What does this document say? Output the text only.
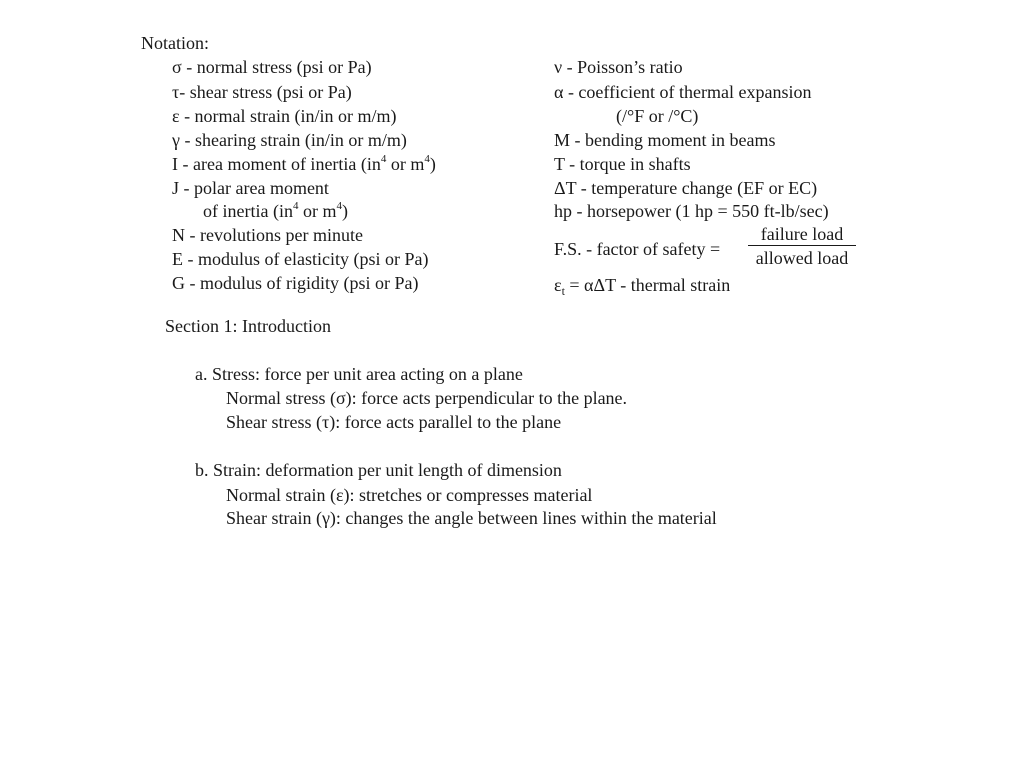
Notation:
σ - normal stress (psi or Pa)
τ- shear stress (psi or Pa)
ε - normal strain (in/in or m/m)
γ - shearing strain (in/in or m/m)
I - area moment of inertia ($in^4$ or $m^4$)
J - polar area moment
of inertia ($in^4$ or $m^4$)
N - revolutions per minute
E - modulus of elasticity (psi or Pa)
G - modulus of rigidity (psi or Pa)
ν - Poisson’s ratio
α - coefficient of thermal expansion
(/°F or /°C)
M - bending moment in beams
T - torque in shafts
ΔT - temperature change (EF or EC)
hp - horsepower (1 hp = 550 ft-lb/sec)
F.S. - factor of safety =
failure load
allowed load
$\varepsilon_t = \alpha\Delta T$ - thermal strain
Section 1: Introduction
a. Stress: force per unit area acting on a plane
Normal stress (σ): force acts perpendicular to the plane.
Shear stress (τ): force acts parallel to the plane
b. Strain: deformation per unit length of dimension
Normal strain (ε): stretches or compresses material
Shear strain (γ): changes the angle between lines within the material
